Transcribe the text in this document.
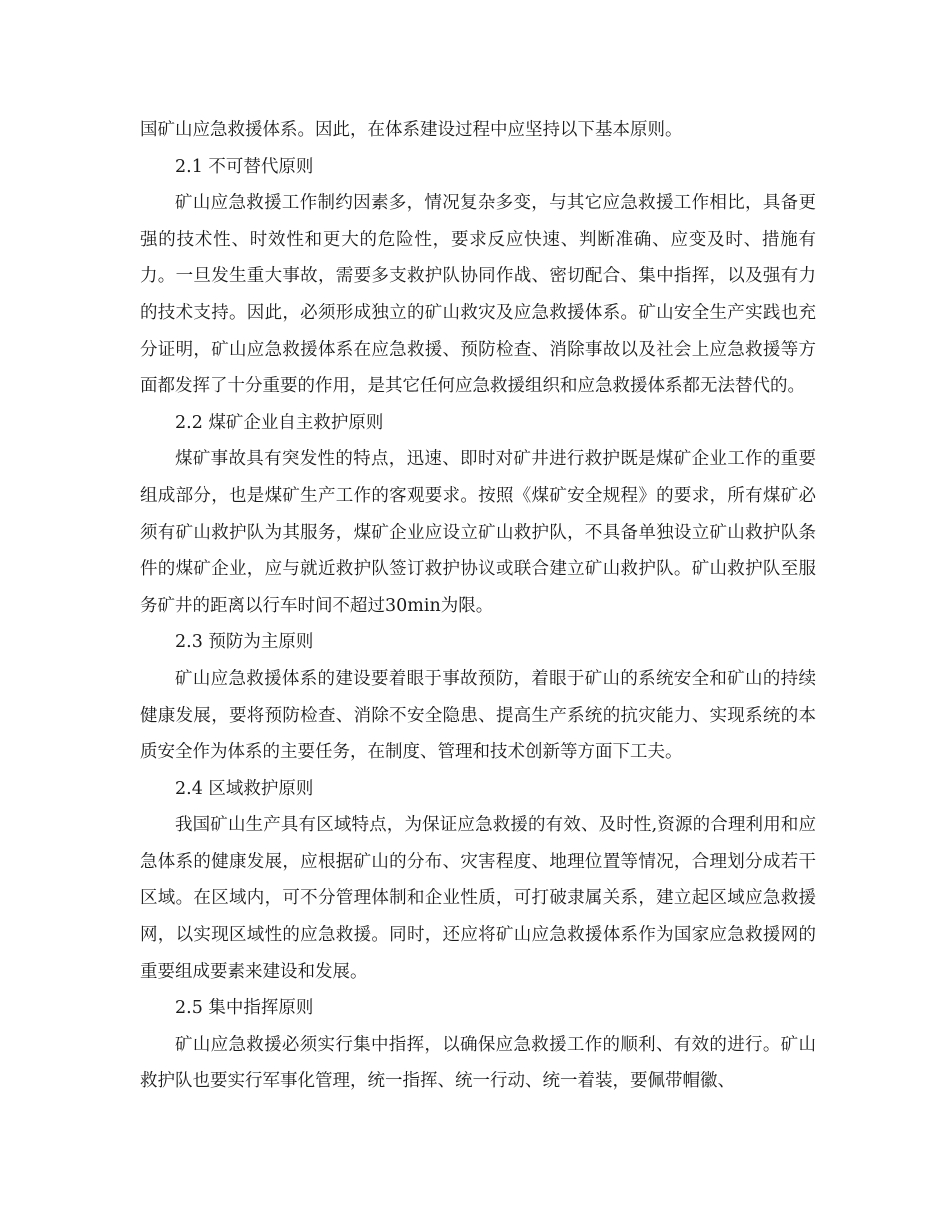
国矿山应急救援体系。因此，在体系建设过程中应坚持以下基本原则。

2.1 不可替代原则

矿山应急救援工作制约因素多，情况复杂多变，与其它应急救援工作相比，具备更强的技术性、时效性和更大的危险性，要求反应快速、判断准确、应变及时、措施有力。一旦发生重大事故，需要多支救护队协同作战、密切配合、集中指挥，以及强有力的技术支持。因此，必须形成独立的矿山救灾及应急救援体系。矿山安全生产实践也充分证明，矿山应急救援体系在应急救援、预防检查、消除事故以及社会上应急救援等方面都发挥了十分重要的作用，是其它任何应急救援组织和应急救援体系都无法替代的。

2.2 煤矿企业自主救护原则

煤矿事故具有突发性的特点，迅速、即时对矿井进行救护既是煤矿企业工作的重要组成部分，也是煤矿生产工作的客观要求。按照《煤矿安全规程》的要求，所有煤矿必须有矿山救护队为其服务，煤矿企业应设立矿山救护队，不具备单独设立矿山救护队条件的煤矿企业，应与就近救护队签订救护协议或联合建立矿山救护队。矿山救护队至服务矿井的距离以行车时间不超过30min为限。

2.3 预防为主原则

矿山应急救援体系的建设要着眼于事故预防，着眼于矿山的系统安全和矿山的持续健康发展，要将预防检查、消除不安全隐患、提高生产系统的抗灾能力、实现系统的本质安全作为体系的主要任务，在制度、管理和技术创新等方面下工夫。

2.4 区域救护原则

我国矿山生产具有区域特点，为保证应急救援的有效、及时性,资源的合理利用和应急体系的健康发展，应根据矿山的分布、灾害程度、地理位置等情况，合理划分成若干区域。在区域内，可不分管理体制和企业性质，可打破隶属关系，建立起区域应急救援网，以实现区域性的应急救援。同时，还应将矿山应急救援体系作为国家应急救援网的重要组成要素来建设和发展。

2.5 集中指挥原则

矿山应急救援必须实行集中指挥，以确保应急救援工作的顺利、有效的进行。矿山救护队也要实行军事化管理，统一指挥、统一行动、统一着装，要佩带帽徽、
